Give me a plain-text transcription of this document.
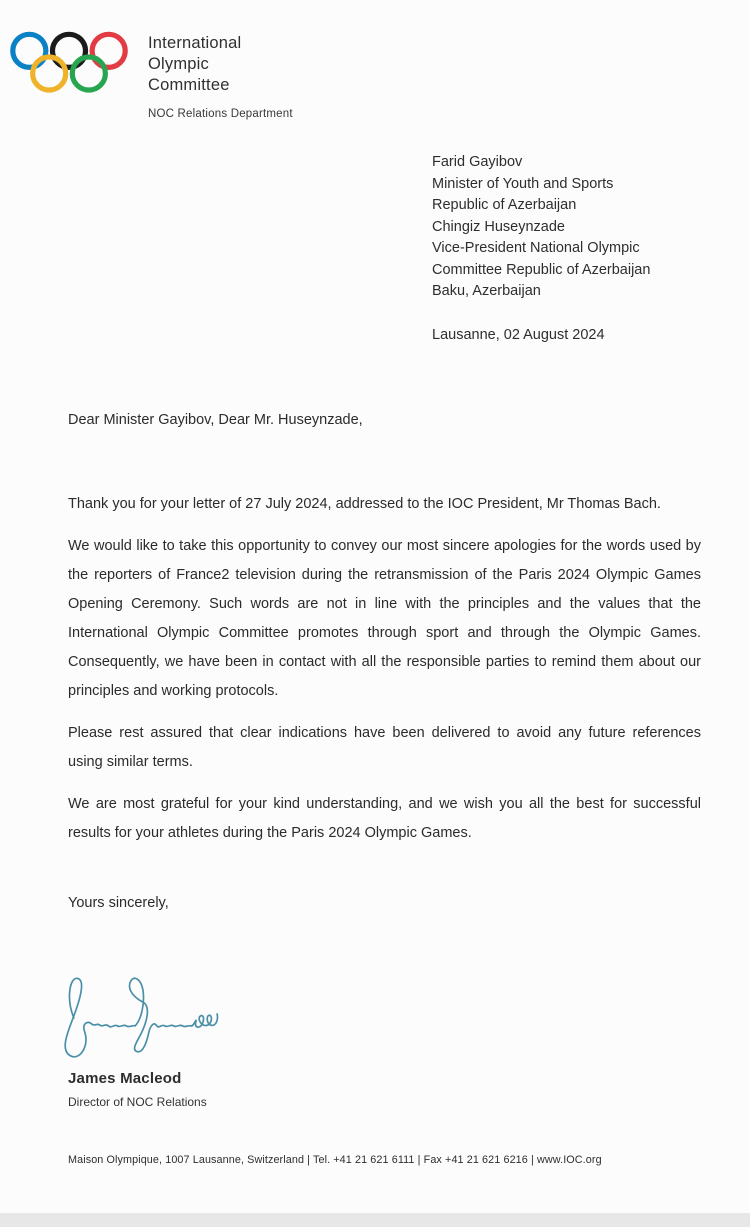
International
Olympic
Committee
NOC Relations Department
Farid Gayibov
Minister of Youth and Sports
Republic of Azerbaijan
Chingiz Huseynzade
Vice-President National Olympic
Committee Republic of Azerbaijan
Baku, Azerbaijan
Lausanne, 02 August 2024
Dear Minister Gayibov, Dear Mr. Huseynzade,

Thank you for your letter of 27 July 2024, addressed to the IOC President, Mr Thomas Bach.

We would like to take this opportunity to convey our most sincere apologies for the words used by the reporters of France2 television during the retransmission of the Paris 2024 Olympic Games Opening Ceremony. Such words are not in line with the principles and the values that the International Olympic Committee promotes through sport and through the Olympic Games. Consequently, we have been in contact with all the responsible parties to remind them about our principles and working protocols.

Please rest assured that clear indications have been delivered to avoid any future references using similar terms.

We are most grateful for your kind understanding, and we wish you all the best for successful results for your athletes during the Paris 2024 Olympic Games.

Yours sincerely,
James Macleod
Director of NOC Relations
Maison Olympique, 1007 Lausanne, Switzerland | Tel. +41 21 621 6111 | Fax +41 21 621 6216 | www.IOC.org
